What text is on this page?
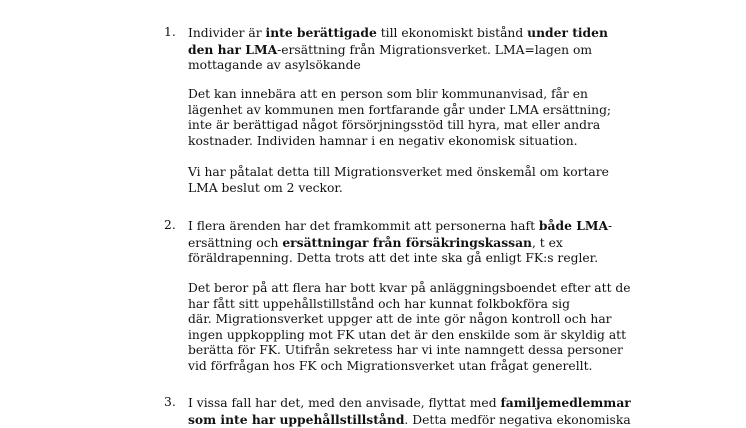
1. Individer är inte berättigade till ekonomiskt bistånd under tiden
den har LMA-ersättning från Migrationsverket. LMA=lagen om
mottagande av asylsökande
Det kan innebära att en person som blir kommunanvisad, får en
lägenhet av kommunen men fortfarande går under LMA ersättning;
inte är berättigad något försörjningsstöd till hyra, mat eller andra
kostnader. Individen hamnar i en negativ ekonomisk situation.
Vi har påtalat detta till Migrationsverket med önskemål om kortare
LMA beslut om 2 veckor.
2. I flera ärenden har det framkommit att personerna haft både LMA-
ersättning och ersättningar från försäkringskassan, t ex
föräldrapenning. Detta trots att det inte ska gå enligt FK:s regler.
Det beror på att flera har bott kvar på anläggningsboendet efter att de
har fått sitt uppehållstillstånd och har kunnat folkbokföra sig
där. Migrationsverket uppger att de inte gör någon kontroll och har
ingen uppkoppling mot FK utan det är den enskilde som är skyldig att
berätta för FK. Utifrån sekretess har vi inte namngett dessa personer
vid förfrågan hos FK och Migrationsverket utan frågat generellt.
3. I vissa fall har det, med den anvisade, flyttat med familjemedlemmar
som inte har uppehållstillstånd. Detta medför negativa ekonomiska
